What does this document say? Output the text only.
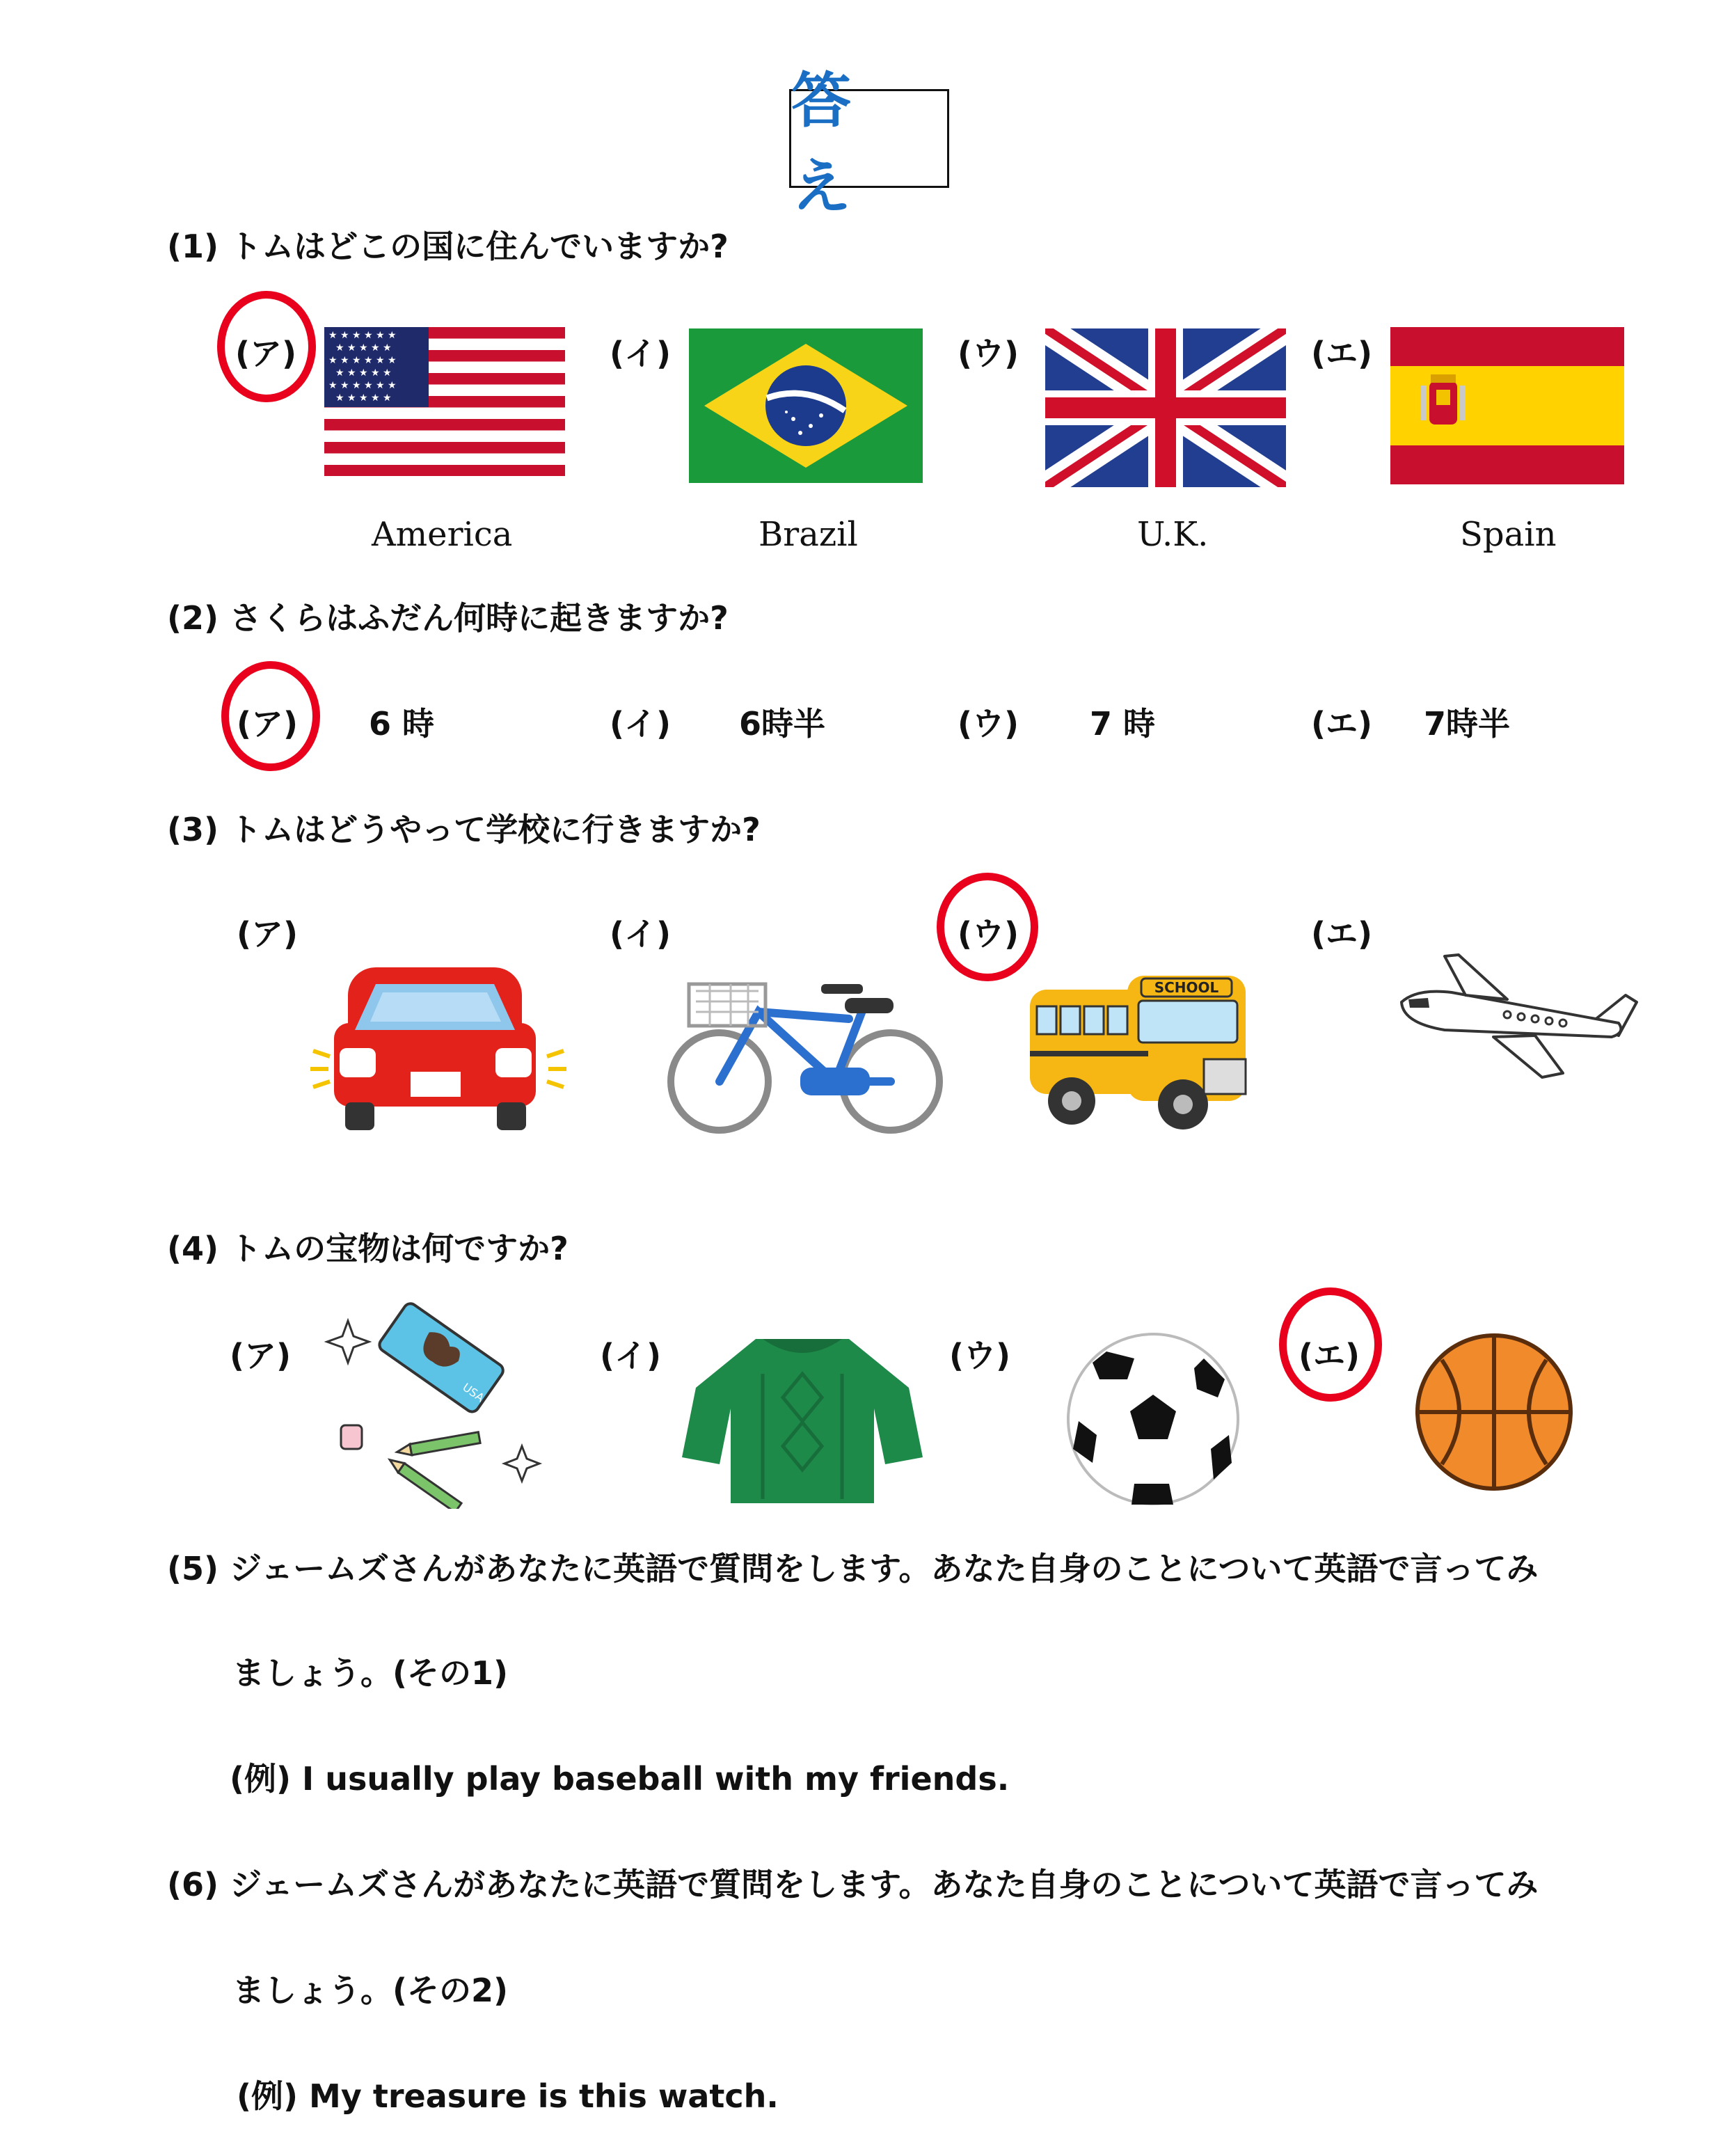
答 え
(1) トムはどこの国に住んでいますか?
(ア)	(イ)	(ウ)	(エ)
★ ★ ★ ★ ★ ★
★ ★ ★ ★ ★
★ ★ ★ ★ ★ ★
★ ★ ★ ★ ★
★ ★ ★ ★ ★ ★
★ ★ ★ ★ ★
America	Brazil	U.K.	Spain
(2) さくらはふだん何時に起きますか?
(ア) 6 時	(イ) 6時半	(ウ) 7 時	(エ) 7時半
(3) トムはどうやって学校に行きますか?
(ア)	(イ)	(ウ)	(エ)
SCHOOL
(4) トムの宝物は何ですか?
(ア)	(イ)	(ウ)	(エ)
USA
(5) ジェームズさんがあなたに英語で質問をします。あなた自身のことについて英語で言ってみ
ましょう。(その1)
(例) I usually play baseball with my friends.
(6) ジェームズさんがあなたに英語で質問をします。あなた自身のことについて英語で言ってみ
ましょう。(その2)
(例) My treasure is this watch.
